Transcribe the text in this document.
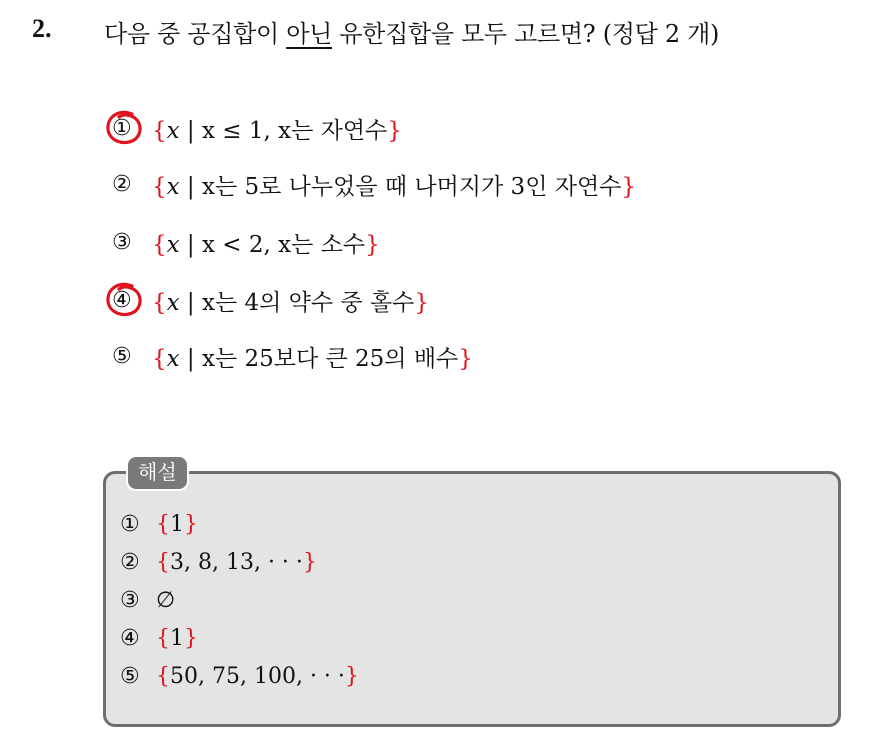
2. 다음 중 공집합이 아닌 유한집합을 모두 고르면? (정답 2 개)
① {x | x ≤ 1, x는 자연수}
② {x | x는 5로 나누었을 때 나머지가 3인 자연수}
③ {x | x < 2, x는 소수}
④ {x | x는 4의 약수 중 홀수}
⑤ {x | x는 25보다 큰 25의 배수}
해설
① { 1 }
② { 3, 8, 13, · · · }
③ ∅
④ { 1 }
⑤ { 50, 75, 100, · · · }
